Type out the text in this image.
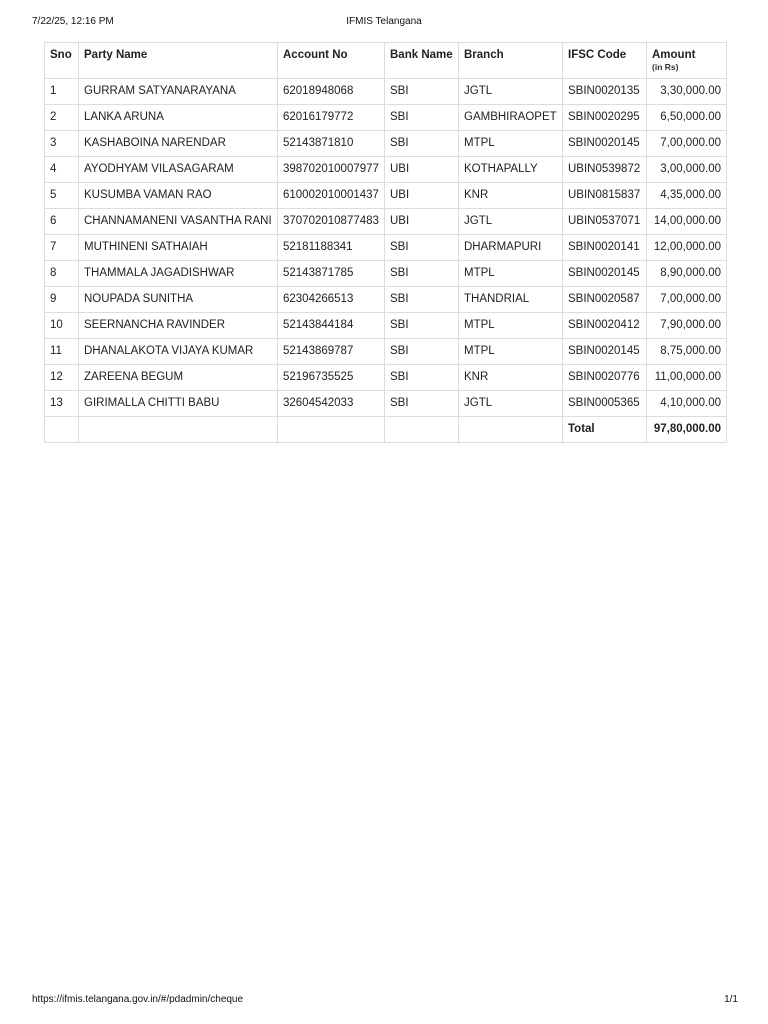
7/22/25, 12:16 PM	IFMIS Telangana
Sno	Party Name	Account No	Bank Name	Branch	IFSC Code	Amount
(in Rs)

1	GURRAM SATYANARAYANA	62018948068	SBI	JGTL	SBIN0020135	3,30,000.00
2	LANKA ARUNA	62016179772	SBI	GAMBHIRAOPET	SBIN0020295	6,50,000.00
3	KASHABOINA NARENDAR	52143871810	SBI	MTPL	SBIN0020145	7,00,000.00
4	AYODHYAM VILASAGARAM	398702010007977	UBI	KOTHAPALLY	UBIN0539872	3,00,000.00
5	KUSUMBA VAMAN RAO	610002010001437	UBI	KNR	UBIN0815837	4,35,000.00
6	CHANNAMANENI VASANTHA RANI	370702010877483	UBI	JGTL	UBIN0537071	14,00,000.00
7	MUTHINENI SATHAIAH	52181188341	SBI	DHARMAPURI	SBIN0020141	12,00,000.00
8	THAMMALA JAGADISHWAR	52143871785	SBI	MTPL	SBIN0020145	8,90,000.00
9	NOUPADA SUNITHA	62304266513	SBI	THANDRIAL	SBIN0020587	7,00,000.00
10	SEERNANCHA RAVINDER	52143844184	SBI	MTPL	SBIN0020412	7,90,000.00
11	DHANALAKOTA VIJAYA KUMAR	52143869787	SBI	MTPL	SBIN0020145	8,75,000.00
12	ZAREENA BEGUM	52196735525	SBI	KNR	SBIN0020776	11,00,000.00
13	GIRIMALLA CHITTI BABU	32604542033	SBI	JGTL	SBIN0005365	4,10,000.00

					Total	97,80,000.00
https://ifmis.telangana.gov.in/#/pdadmin/cheque	1/1
